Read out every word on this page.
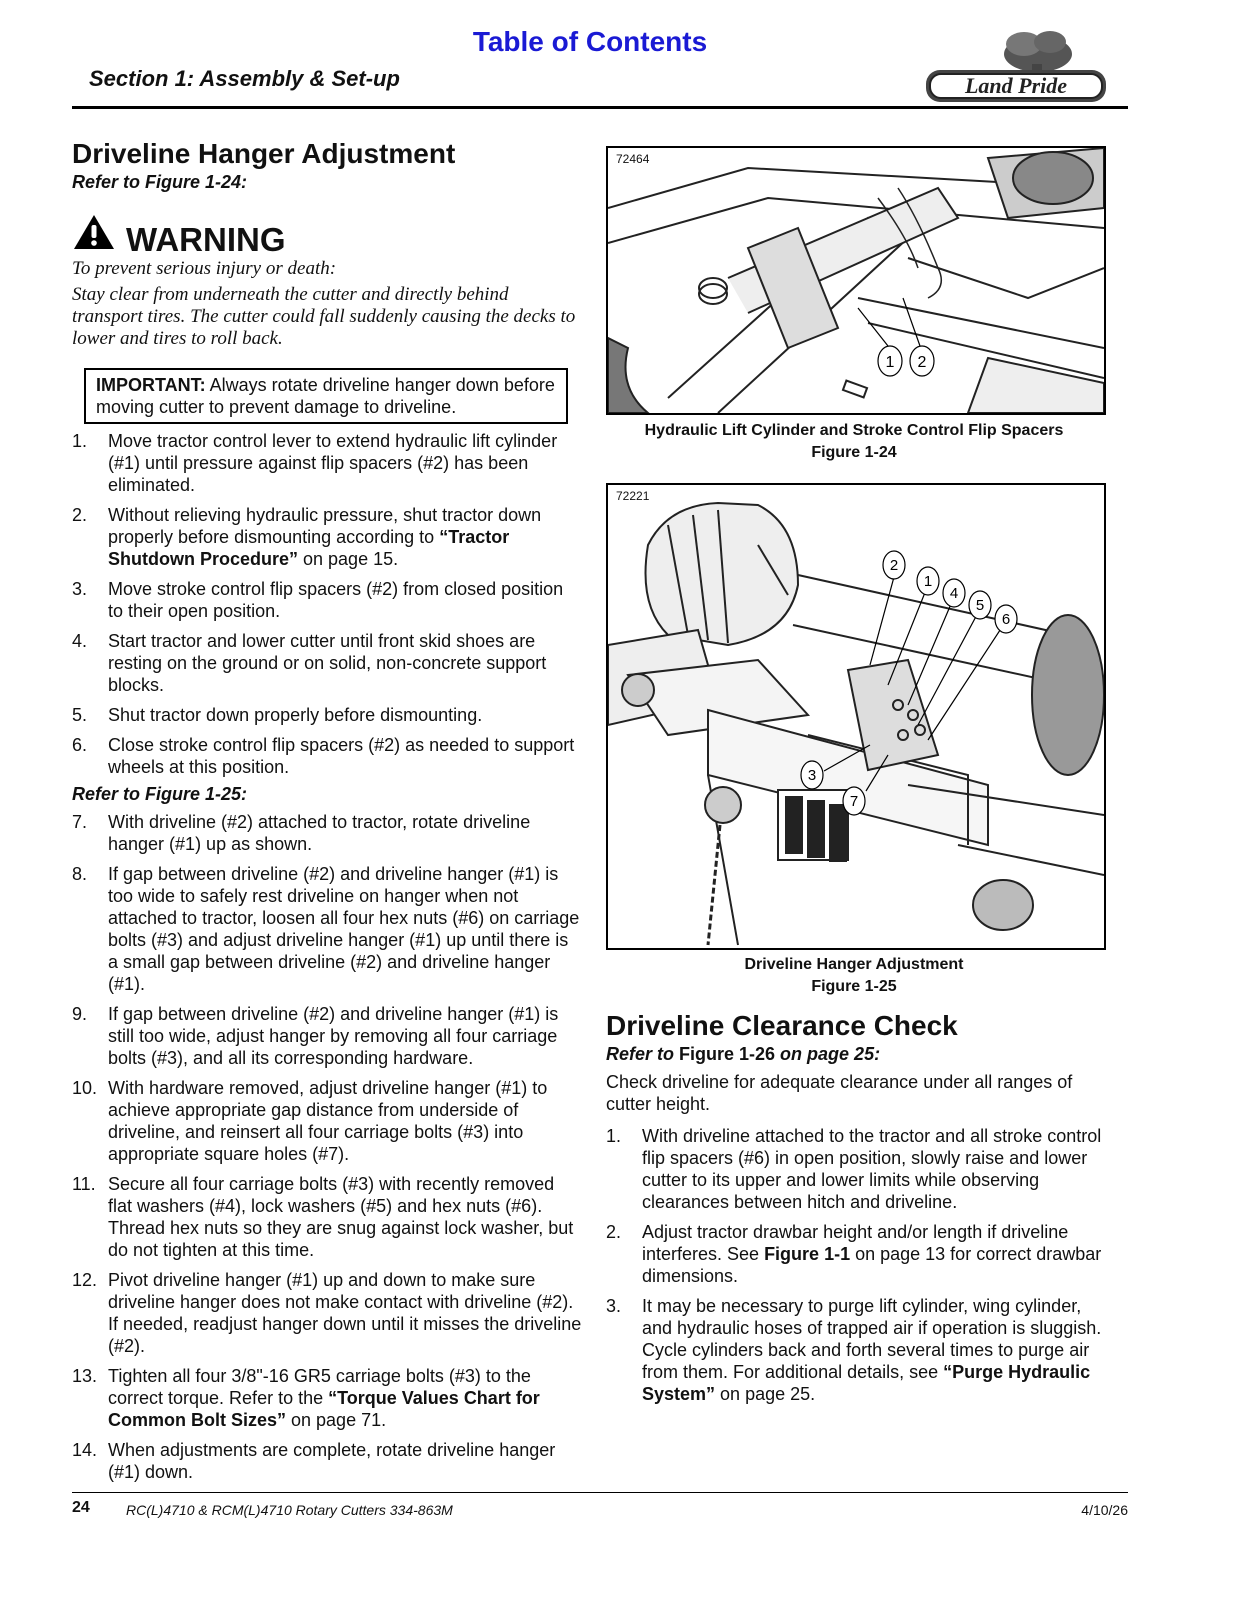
Table of Contents
Section 1: Assembly & Set-up	Land Pride
Driveline Hanger Adjustment

Refer to Figure 1-24:

WARNING

To prevent serious injury or death:

Stay clear from underneath the cutter and directly behind transport tires. The cutter could fall suddenly causing the decks to lower and tires to roll back.

IMPORTANT: Always rotate driveline hanger down before moving cutter to prevent damage to driveline.
1.	Move tractor control lever to extend hydraulic lift cylinder (#1) until pressure against flip spacers (#2) has been eliminated.
2.	Without relieving hydraulic pressure, shut tractor down properly before dismounting according to “Tractor Shutdown Procedure” on page 15.
3.	Move stroke control flip spacers (#2) from closed position to their open position.
4.	Start tractor and lower cutter until front skid shoes are resting on the ground or on solid, non-concrete support blocks.
5.	Shut tractor down properly before dismounting.
6.	Close stroke control flip spacers (#2) as needed to support wheels at this position.

Refer to Figure 1-25:

7.	With driveline (#2) attached to tractor, rotate driveline hanger (#1) up as shown.
8.	If gap between driveline (#2) and driveline hanger (#1) is too wide to safely rest driveline on hanger when not attached to tractor, loosen all four hex nuts (#6) on carriage bolts (#3) and adjust driveline hanger (#1) up until there is a small gap between driveline (#2) and driveline hanger (#1).
9.	If gap between driveline (#2) and driveline hanger (#1) is still too wide, adjust hanger by removing all four carriage bolts (#3), and all its corresponding hardware.
10. With hardware removed, adjust driveline hanger (#1) to achieve appropriate gap distance from underside of driveline, and reinsert all four carriage bolts (#3) into appropriate square holes (#7).
11. Secure all four carriage bolts (#3) with recently removed flat washers (#4), lock washers (#5) and hex nuts (#6). Thread hex nuts so they are snug against lock washer, but do not tighten at this time.
12. Pivot driveline hanger (#1) up and down to make sure driveline hanger does not make contact with driveline (#2). If needed, readjust hanger down until it misses the driveline (#2).
13. Tighten all four 3/8"-16 GR5 carriage bolts (#3) to the correct torque. Refer to the “Torque Values Chart for Common Bolt Sizes” on page 71.
14. When adjustments are complete, rotate driveline hanger (#1) down.
1 2
72464
Hydraulic Lift Cylinder and Stroke Control Flip Spacers
Figure 1-24
2
1
4
5
6
3
7
72221
Driveline Hanger Adjustment
Figure 1-25
Driveline Clearance Check

Refer to Figure 1-26 on page 25:

Check driveline for adequate clearance under all ranges of cutter height.

1.	With driveline attached to the tractor and all stroke control flip spacers (#6) in open position, slowly raise and lower cutter to its upper and lower limits while observing clearances between hitch and driveline.
2.	Adjust tractor drawbar height and/or length if driveline interferes. See Figure 1-1 on page 13 for correct drawbar dimensions.
3.	It may be necessary to purge lift cylinder, wing cylinder, and hydraulic hoses of trapped air if operation is sluggish. Cycle cylinders back and forth several times to purge air from them. For additional details, see “Purge Hydraulic System” on page 25.
24	RC(L)4710 & RCM(L)4710 Rotary Cutters 334-863M	4/10/26
